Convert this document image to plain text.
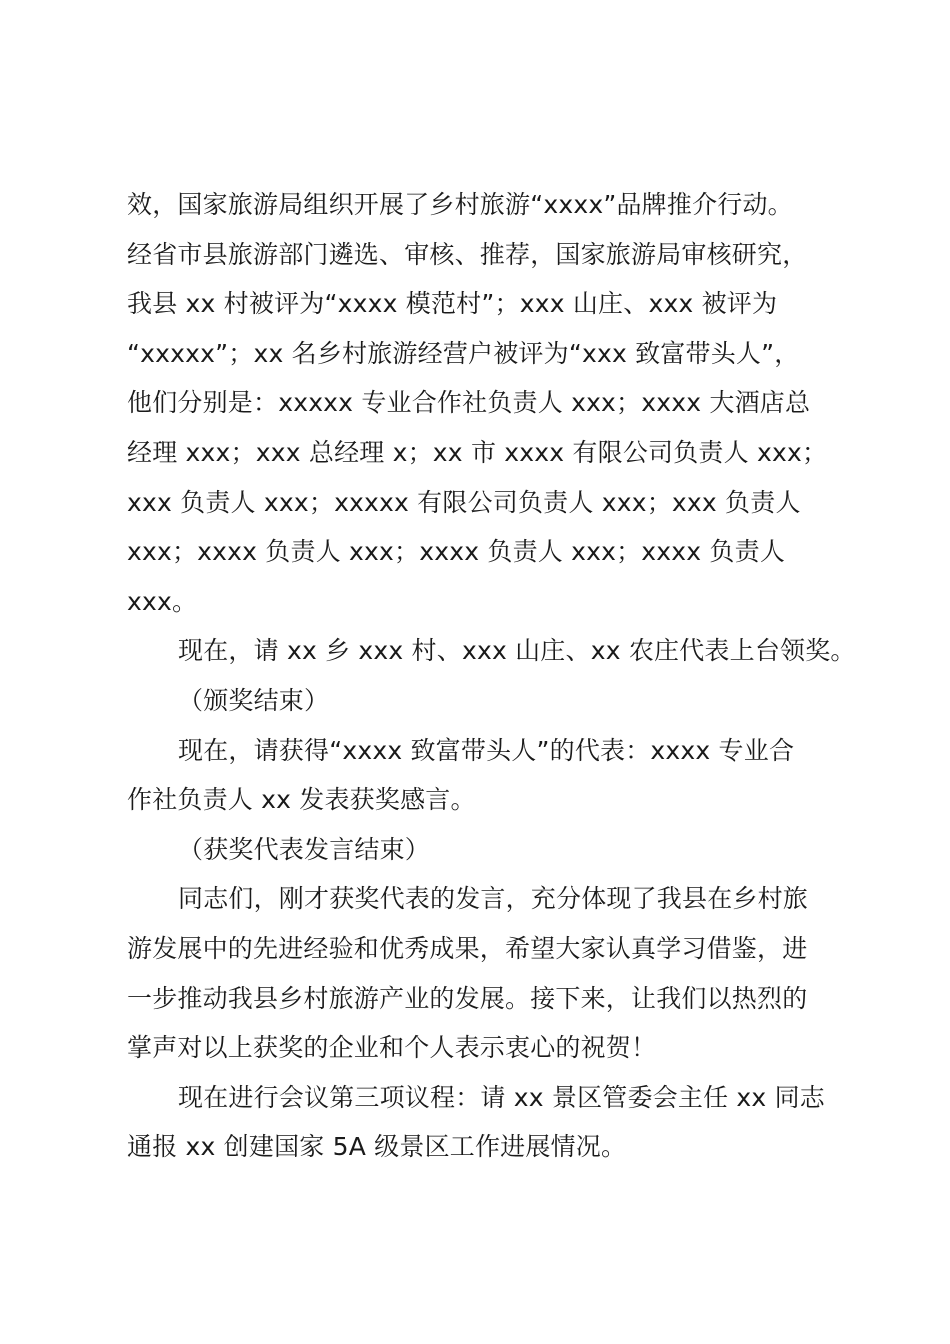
效，国家旅游局组织开展了乡村旅游“xxxx”品牌推介行动。
经省市县旅游部门遴选、审核、推荐，国家旅游局审核研究，
我县 xx 村被评为“xxxx 模范村”；xxx 山庄、xxx 被评为
“xxxxx”；xx 名乡村旅游经营户被评为“xxx 致富带头人”，
他们分别是：xxxxx 专业合作社负责人 xxx；xxxx 大酒店总
经理 xxx；xxx 总经理 x；xx 市 xxxx 有限公司负责人 xxx；
xxx 负责人 xxx；xxxxx 有限公司负责人 xxx；xxx 负责人
xxx；xxxx 负责人 xxx；xxxx 负责人 xxx；xxxx 负责人
xxx。
现在，请 xx 乡 xxx 村、xxx 山庄、xx 农庄代表上台领奖。
（颁奖结束）
现在，请获得“xxxx 致富带头人”的代表：xxxx 专业合
作社负责人 xx 发表获奖感言。
（获奖代表发言结束）
同志们，刚才获奖代表的发言，充分体现了我县在乡村旅
游发展中的先进经验和优秀成果，希望大家认真学习借鉴，进
一步推动我县乡村旅游产业的发展。接下来，让我们以热烈的
掌声对以上获奖的企业和个人表示衷心的祝贺！
现在进行会议第三项议程：请 xx 景区管委会主任 xx 同志
通报 xx 创建国家 5A 级景区工作进展情况。
